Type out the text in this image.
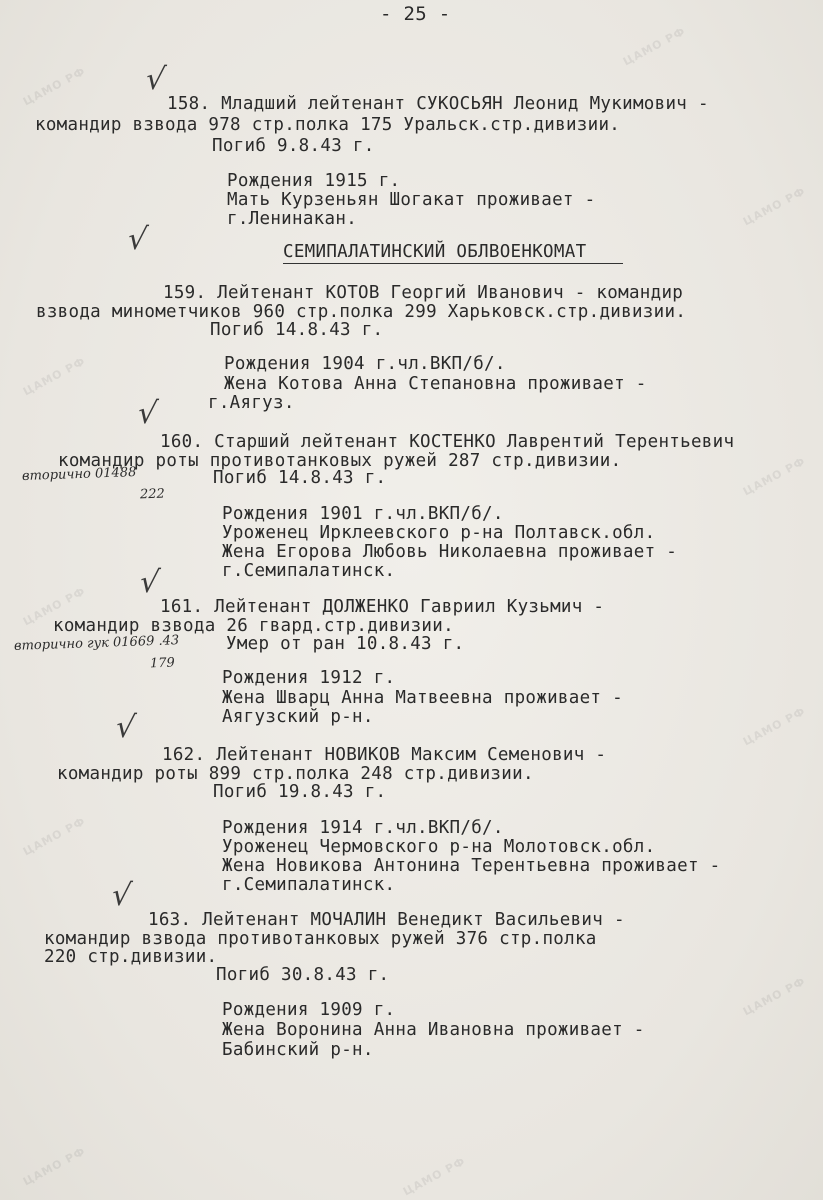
ЦАМО РФ
ЦАМО РФ
ЦАМО РФ
ЦАМО РФ
ЦАМО РФ
ЦАМО РФ
ЦАМО РФ
ЦАМО РФ
ЦАМО РФ
ЦАМО РФ	ЦАМО РФ
- 25 -
√
158. Младший лейтенант СУКОСЬЯН Леонид Мукимович -
командир взвода 978 стр.полка 175 Уральск.стр.дивизии.
Погиб 9.8.43 г.
Рождения 1915 г.
Мать Курзеньян Шогакат проживает -
г.Ленинакан.
√	СЕМИПАЛАТИНСКИЙ ОБЛВОЕНКОМАТ
159. Лейтенант КОТОВ Георгий Иванович - командир
взвода минометчиков 960 стр.полка 299 Харьковск.стр.дивизии.
Погиб 14.8.43 г.
Рождения 1904 г.чл.ВКП/б/.
Жена Котова Анна Степановна проживает -
г.Аягуз.
√
160. Старший лейтенант КОСТЕНКО Лаврентий Терентьевич
командир роты противотанковых ружей 287 стр.дивизии.
вторично 01488
222
Погиб 14.8.43 г.
Рождения 1901 г.чл.ВКП/б/.
Уроженец Ирклеевского р-на Полтавск.обл.
Жена Егорова Любовь Николаевна проживает -
г.Семипалатинск.
√
161. Лейтенант ДОЛЖЕНКО Гавриил Кузьмич -
командир взвода 26 гвард.стр.дивизии.
вторично гук 01669 .43
179
Умер от ран 10.8.43 г.
Рождения 1912 г.
Жена Шварц Анна Матвеевна проживает -
Аягузский р-н.
√
162. Лейтенант НОВИКОВ Максим Семенович -
командир роты 899 стр.полка 248 стр.дивизии.
Погиб 19.8.43 г.
Рождения 1914 г.чл.ВКП/б/.
Уроженец Чермовского р-на Молотовск.обл.
Жена Новикова Антонина Терентьевна проживает -
г.Семипалатинск.
√
163. Лейтенант МОЧАЛИН Венедикт Васильевич -
командир взвода противотанковых ружей 376 стр.полка
220 стр.дивизии.
Погиб 30.8.43 г.
Рождения 1909 г.
Жена Воронина Анна Ивановна проживает -
Бабинский р-н.
